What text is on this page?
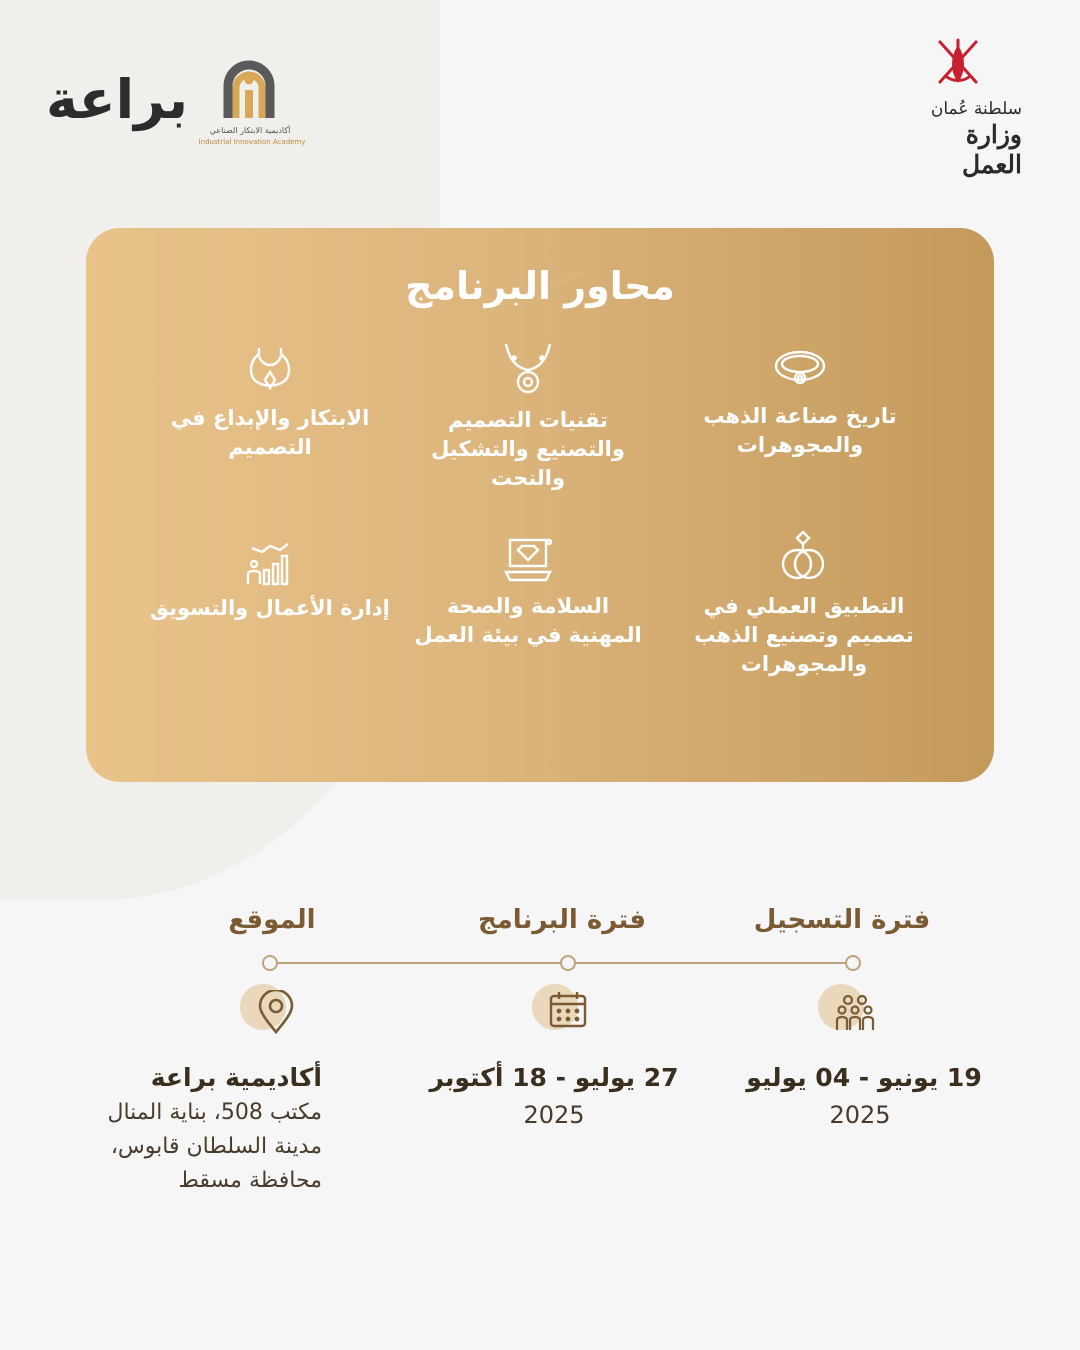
سلطنة عُمان
وزارة العمل
أكاديمية الابتكار الصناعي
Industrial Innovation Academy
براعة
محاور البرنامج
تاريخ صناعة الذهب والمجوهرات
تقنيات التصميم والتصنيع والتشكيل والنحت
الابتكار والإبداع في التصميم
التطبيق العملي في تصميم وتصنيع الذهب والمجوهرات
السلامة والصحة المهنية في بيئة العمل
إدارة الأعمال والتسويق
فترة التسجيل
فترة البرنامج
الموقع
19 يونيو - 04 يوليو
2025
27 يوليو - 18 أكتوبر
2025
أكاديمية براعة
مكتب 508، بناية المنال
مدينة السلطان قابوس،
محافظة مسقط
